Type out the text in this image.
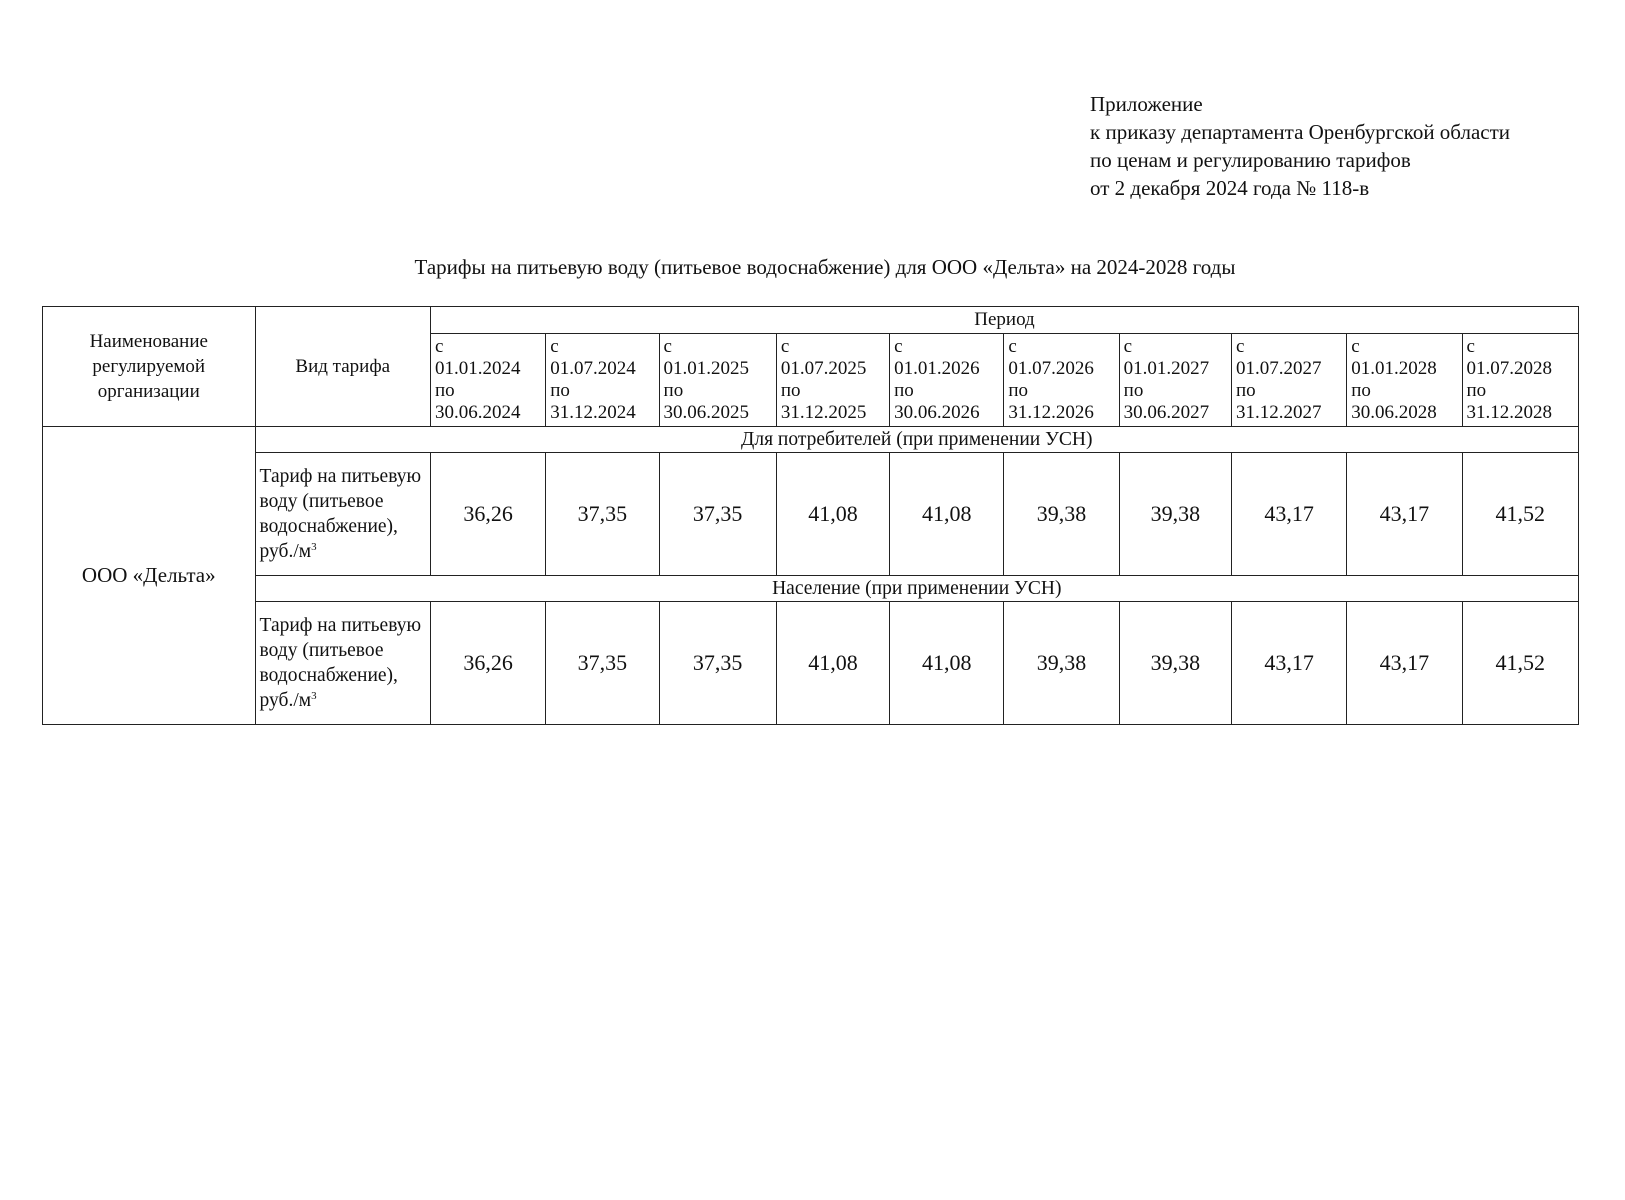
Приложение
к приказу департамента Оренбургской области
по ценам и регулированию тарифов
от 2 декабря 2024 года № 118-в
Тарифы на питьевую воду (питьевое водоснабжение) для ООО «Дельта» на 2024-2028 годы
Наименование регулируемой организации	Вид тарифа	Период									

		с
01.01.2024
по
30.06.2024	с
01.07.2024
по
31.12.2024	с
01.01.2025
по
30.06.2025	с
01.07.2025
по
31.12.2025	с
01.01.2026
по
30.06.2026	с
01.07.2026
по
31.12.2026	с
01.01.2027
по
30.06.2027	с
01.07.2027
по
31.12.2027	с
01.01.2028
по
30.06.2028	с
01.07.2028
по
31.12.2028

ООО «Дельта»	Для потребителей (при применении УСН)										
	Тариф на питьевую воду (питьевое водоснабжение), $руб./м^3$	36,26	37,35	37,35	41,08	41,08	39,38	39,38	43,17	43,17	41,52
	Население (при применении УСН)										
	Тариф на питьевую воду (питьевое водоснабжение), $руб./м^3$	36,26	37,35	37,35	41,08	41,08	39,38	39,38	43,17	43,17	41,52
